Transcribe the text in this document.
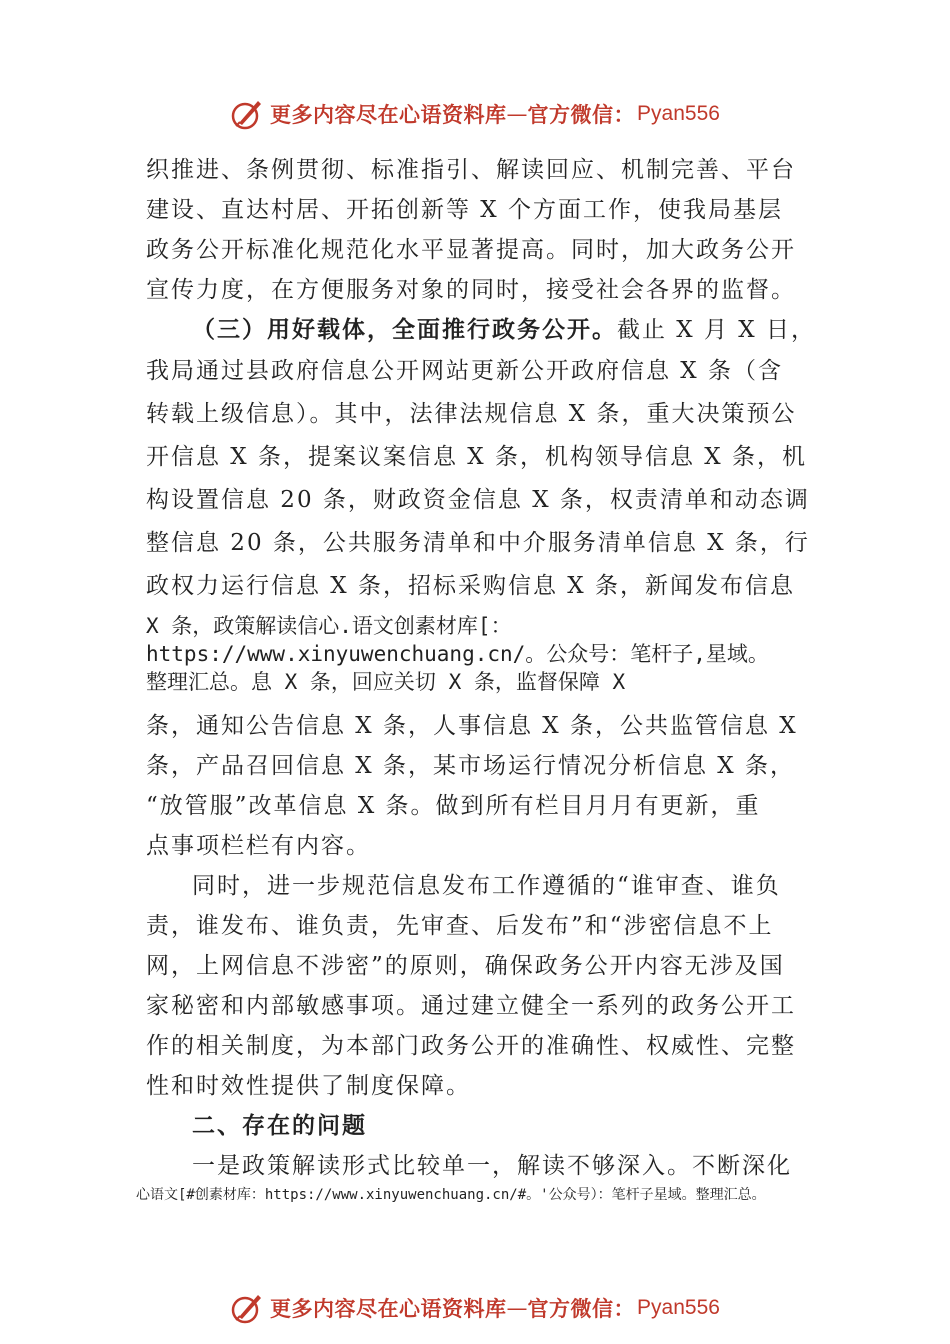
更多内容尽在心语资料库 — 官方微信： Pyan556
织推进、条例贯彻、标准指引、解读回应、机制完善、平台
建设、直达村居、开拓创新等 X 个方面工作，使我局基层
政务公开标准化规范化水平显著提高。同时，加大政务公开
宣传力度，在方便服务对象的同时，接受社会各界的监督。
（三）用好载体，全面推行政务公开。截止 X 月 X 日，
我局通过县政府信息公开网站更新公开政府信息 X 条（含
转载上级信息）。其中，法律法规信息 X 条，重大决策预公
开信息 X 条，提案议案信息 X 条，机构领导信息 X 条，机
构设置信息 20 条，财政资金信息 X 条，权责清单和动态调
整信息 20 条，公共服务清单和中介服务清单信息 X 条，行
政权力运行信息 X 条，招标采购信息 X 条，新闻发布信息
X 条，政策解读信心.语文创素材库[：
https://www.xinyuwenchuang.cn/。公众号：笔杆子,星域。
整理汇总。息 X 条，回应关切 X 条，监督保障 X
条，通知公告信息 X 条，人事信息 X 条，公共监管信息 X
条，产品召回信息 X 条，某市场运行情况分析信息 X 条，
“放管服”改革信息 X 条。做到所有栏目月月有更新，重
点事项栏栏有内容。
同时，进一步规范信息发布工作遵循的“谁审查、谁负
责，谁发布、谁负责，先审查、后发布”和“涉密信息不上
网，上网信息不涉密”的原则，确保政务公开内容无涉及国
家秘密和内部敏感事项。通过建立健全一系列的政务公开工
作的相关制度，为本部门政务公开的准确性、权威性、完整
性和时效性提供了制度保障。
二、存在的问题
一是政策解读形式比较单一，解读不够深入。不断深化
心语文[#创素材库：https://www.xinyuwenchuang.cn/#。'公众号）：笔杆子星域。整理汇总。
更多内容尽在心语资料库 — 官方微信： Pyan556
